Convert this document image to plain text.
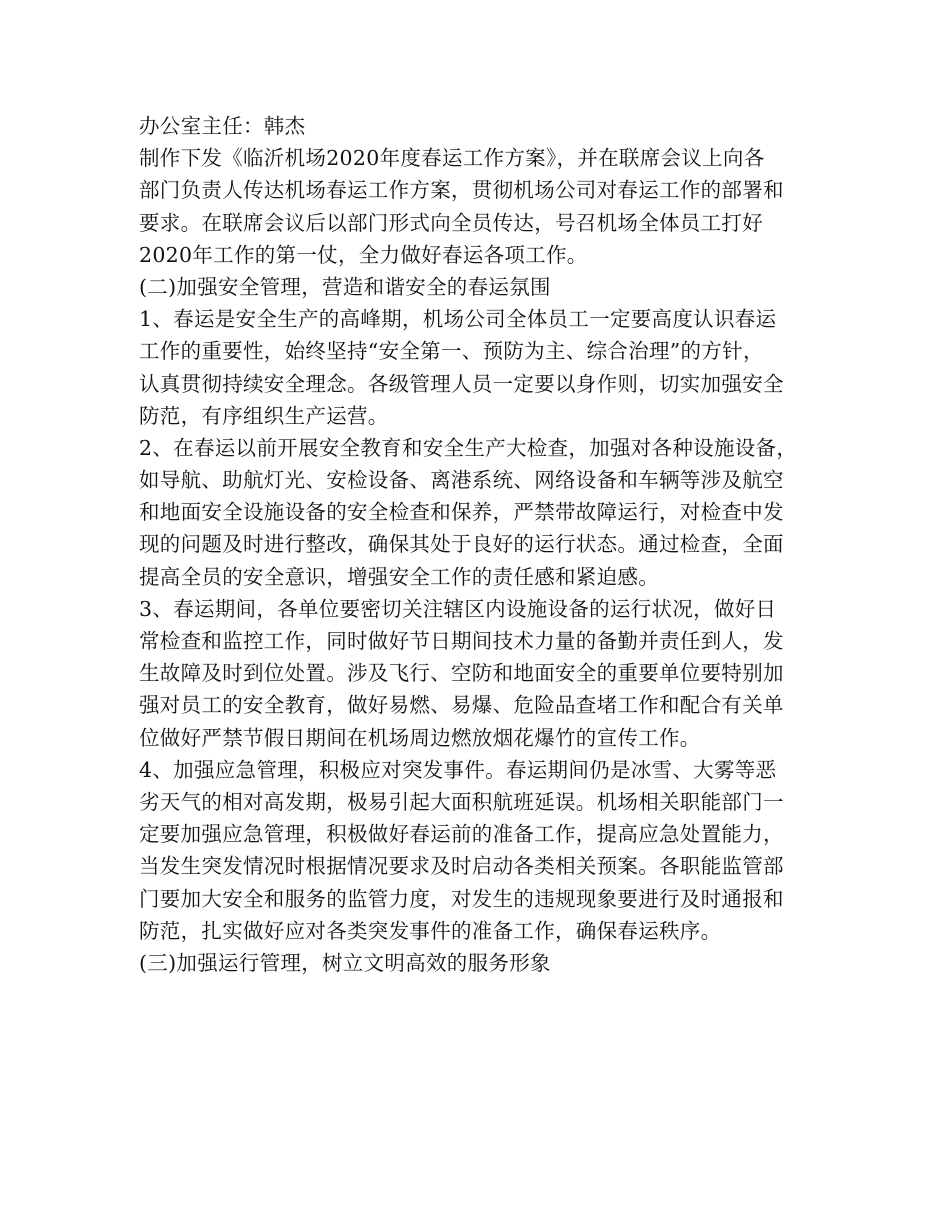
办公室主任：韩杰
制作下发《临沂机场2020年度春运工作方案》，并在联席会议上向各
部门负责人传达机场春运工作方案，贯彻机场公司对春运工作的部署和
要求。在联席会议后以部门形式向全员传达，号召机场全体员工打好
2020年工作的第一仗，全力做好春运各项工作。
(二)加强安全管理，营造和谐安全的春运氛围
1、春运是安全生产的高峰期，机场公司全体员工一定要高度认识春运
工作的重要性，始终坚持“安全第一、预防为主、综合治理”的方针，
认真贯彻持续安全理念。各级管理人员一定要以身作则，切实加强安全
防范，有序组织生产运营。
2、在春运以前开展安全教育和安全生产大检查，加强对各种设施设备，
如导航、助航灯光、安检设备、离港系统、网络设备和车辆等涉及航空
和地面安全设施设备的安全检查和保养，严禁带故障运行，对检查中发
现的问题及时进行整改，确保其处于良好的运行状态。通过检查，全面
提高全员的安全意识，增强安全工作的责任感和紧迫感。
3、春运期间，各单位要密切关注辖区内设施设备的运行状况，做好日
常检查和监控工作，同时做好节日期间技术力量的备勤并责任到人，发
生故障及时到位处置。涉及飞行、空防和地面安全的重要单位要特别加
强对员工的安全教育，做好易燃、易爆、危险品查堵工作和配合有关单
位做好严禁节假日期间在机场周边燃放烟花爆竹的宣传工作。
4、加强应急管理，积极应对突发事件。春运期间仍是冰雪、大雾等恶
劣天气的相对高发期，极易引起大面积航班延误。机场相关职能部门一
定要加强应急管理，积极做好春运前的准备工作，提高应急处置能力，
当发生突发情况时根据情况要求及时启动各类相关预案。各职能监管部
门要加大安全和服务的监管力度，对发生的违规现象要进行及时通报和
防范，扎实做好应对各类突发事件的准备工作，确保春运秩序。
(三)加强运行管理，树立文明高效的服务形象
